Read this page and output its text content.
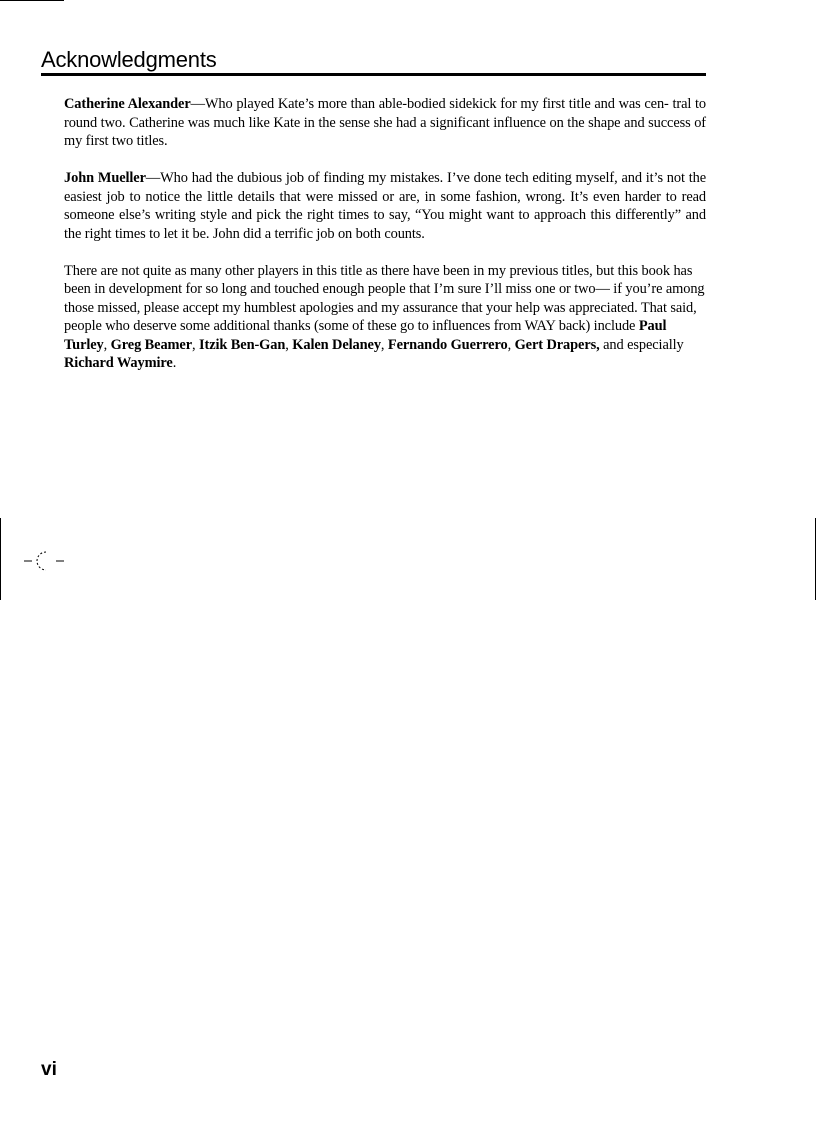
Acknowledgments

Catherine Alexander—Who played Kate’s more than able-bodied sidekick for my first title and was cen- tral to round two. Catherine was much like Kate in the sense she had a significant influence on the shape and success of my first two titles.

John Mueller—Who had the dubious job of finding my mistakes. I’ve done tech editing myself, and it’s not the easiest job to notice the little details that were missed or are, in some fashion, wrong. It’s even harder to read someone else’s writing style and pick the right times to say, “You might want to approach this differently” and the right times to let it be. John did a terrific job on both counts.

There are not quite as many other players in this title as there have been in my previous titles, but this book has been in development for so long and touched enough people that I’m sure I’ll miss one or two— if you’re among those missed, please accept my humblest apologies and my assurance that your help was appreciated. That said, people who deserve some additional thanks (some of these go to influences from WAY back) include Paul Turley, Greg Beamer, Itzik Ben-Gan, Kalen Delaney, Fernando Guerrero, Gert Drapers, and especially Richard Waymire.

vi
